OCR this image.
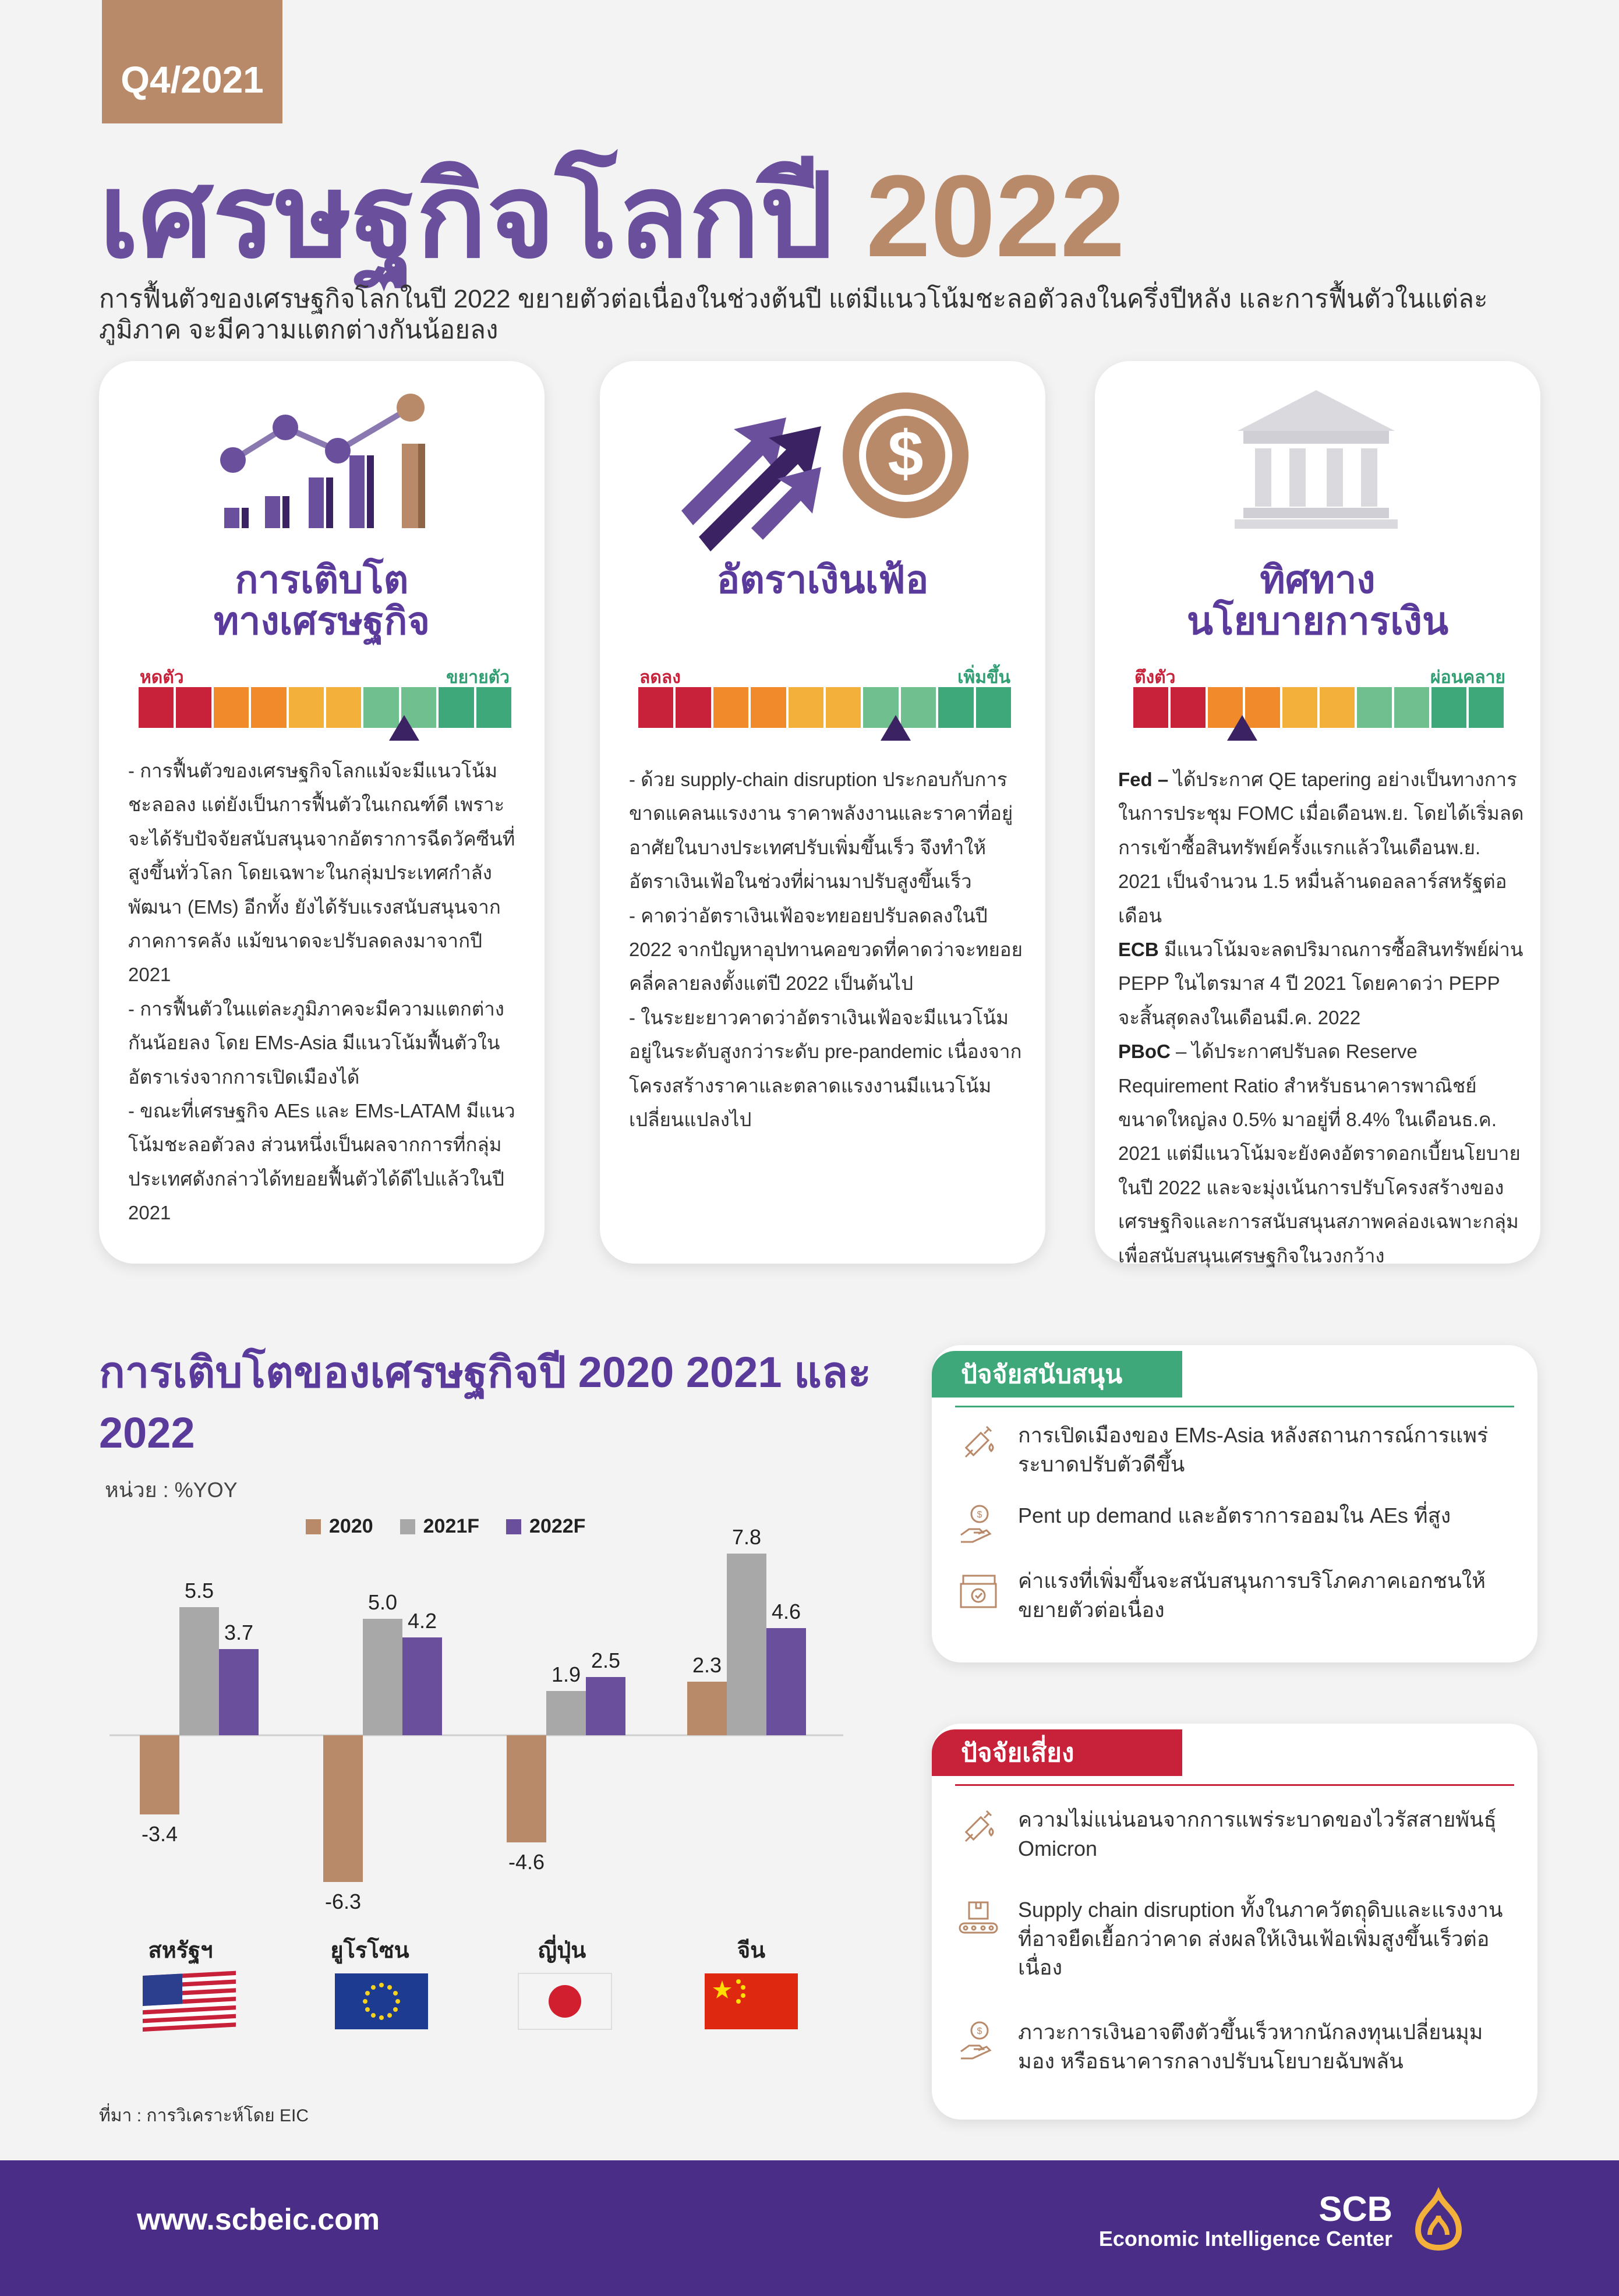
Q4/2021
เศรษฐกิจโลกปี 2022
การฟื้นตัวของเศรษฐกิจโลกในปี 2022 ขยายตัวต่อเนื่องในช่วงต้นปี แต่มีแนวโน้มชะลอตัวลงในครึ่งปีหลัง และการฟื้นตัวในแต่ละภูมิภาค จะมีความแตกต่างกันน้อยลง
การเติบโต
ทางเศรษฐกิจ
หดตัว	ขยายตัว
- การฟื้นตัวของเศรษฐกิจโลกแม้จะมีแนวโน้มชะลอลง แต่ยังเป็นการฟื้นตัวในเกณฑ์ดี เพราะจะได้รับปัจจัยสนับสนุนจากอัตราการฉีดวัคซีนที่สูงขึ้นทั่วโลก โดยเฉพาะในกลุ่มประเทศกำลังพัฒนา (EMs) อีกทั้ง ยังได้รับแรงสนับสนุนจากภาคการคลัง แม้ขนาดจะปรับลดลงมาจากปี 2021
- การฟื้นตัวในแต่ละภูมิภาคจะมีความแตกต่างกันน้อยลง โดย EMs-Asia มีแนวโน้มฟื้นตัวในอัตราเร่งจากการเปิดเมืองได้
- ขณะที่เศรษฐกิจ AEs และ EMs-LATAM มีแนวโน้มชะลอตัวลง ส่วนหนึ่งเป็นผลจากการที่กลุ่มประเทศดังกล่าวได้ทยอยฟื้นตัวได้ดีไปแล้วในปี 2021
$
อัตราเงินเฟ้อ
ลดลง	เพิ่มขึ้น
- ด้วย supply-chain disruption ประกอบกับการขาดแคลนแรงงาน ราคาพลังงานและราคาที่อยู่อาศัยในบางประเทศปรับเพิ่มขึ้นเร็ว จึงทำให้อัตราเงินเฟ้อในช่วงที่ผ่านมาปรับสูงขึ้นเร็ว
- คาดว่าอัตราเงินเฟ้อจะทยอยปรับลดลงในปี 2022 จากปัญหาอุปทานคอขวดที่คาดว่าจะทยอยคลี่คลายลงตั้งแต่ปี 2022 เป็นต้นไป
- ในระยะยาวคาดว่าอัตราเงินเฟ้อจะมีแนวโน้มอยู่ในระดับสูงกว่าระดับ pre-pandemic เนื่องจากโครงสร้างราคาและตลาดแรงงานมีแนวโน้มเปลี่ยนแปลงไป
ทิศทาง
นโยบายการเงิน
ตึงตัว	ผ่อนคลาย
Fed – ได้ประกาศ QE tapering อย่างเป็นทางการในการประชุม FOMC เมื่อเดือนพ.ย. โดยได้เริ่มลดการเข้าซื้อสินทรัพย์ครั้งแรกแล้วในเดือนพ.ย. 2021 เป็นจำนวน 1.5 หมื่นล้านดอลลาร์สหรัฐต่อเดือน
ECB มีแนวโน้มจะลดปริมาณการซื้อสินทรัพย์ผ่าน PEPP ในไตรมาส 4 ปี 2021 โดยคาดว่า PEPP จะสิ้นสุดลงในเดือนมี.ค. 2022
PBoC – ได้ประกาศปรับลด Reserve Requirement Ratio สำหรับธนาคารพาณิชย์ขนาดใหญ่ลง 0.5% มาอยู่ที่ 8.4% ในเดือนธ.ค. 2021 แต่มีแนวโน้มจะยังคงอัตราดอกเบี้ยนโยบายในปี 2022 และจะมุ่งเน้นการปรับโครงสร้างของเศรษฐกิจและการสนับสนุนสภาพคล่องเฉพาะกลุ่มเพื่อสนับสนุนเศรษฐกิจในวงกว้าง
การเติบโตของเศรษฐกิจปี 2020 2021 และ 2022
หน่วย : %YOY
2020	2021F	2022F
-3.4
5.5
3.7
-6.3
5.0
4.2
-4.6
1.9
2.5	2.3
7.8
4.6
สหรัฐฯ	ยูโรโซน	ญี่ปุ่น	จีน
ที่มา : การวิเคราะห์โดย EIC
ปัจจัยสนับสนุน
การเปิดเมืองของ EMs-Asia หลังสถานการณ์การแพร่ระบาดปรับตัวดีขึ้น
$ Pent up demand และอัตราการออมใน AEs ที่สูง
ค่าแรงที่เพิ่มขึ้นจะสนับสนุนการบริโภคภาคเอกชนให้ขยายตัวต่อเนื่อง
ปัจจัยเสี่ยง
ความไม่แน่นอนจากการแพร่ระบาดของไวรัสสายพันธุ์ Omicron
Supply chain disruption ทั้งในภาควัตถุดิบและแรงงานที่อาจยืดเยื้อกว่าคาด ส่งผลให้เงินเฟ้อเพิ่มสูงขึ้นเร็วต่อเนื่อง
$ ภาวะการเงินอาจตึงตัวขึ้นเร็วหากนักลงทุนเปลี่ยนมุมมอง หรือธนาคารกลางปรับนโยบายฉับพลัน
www.scbeic.com	SCB
Economic Intelligence Center
